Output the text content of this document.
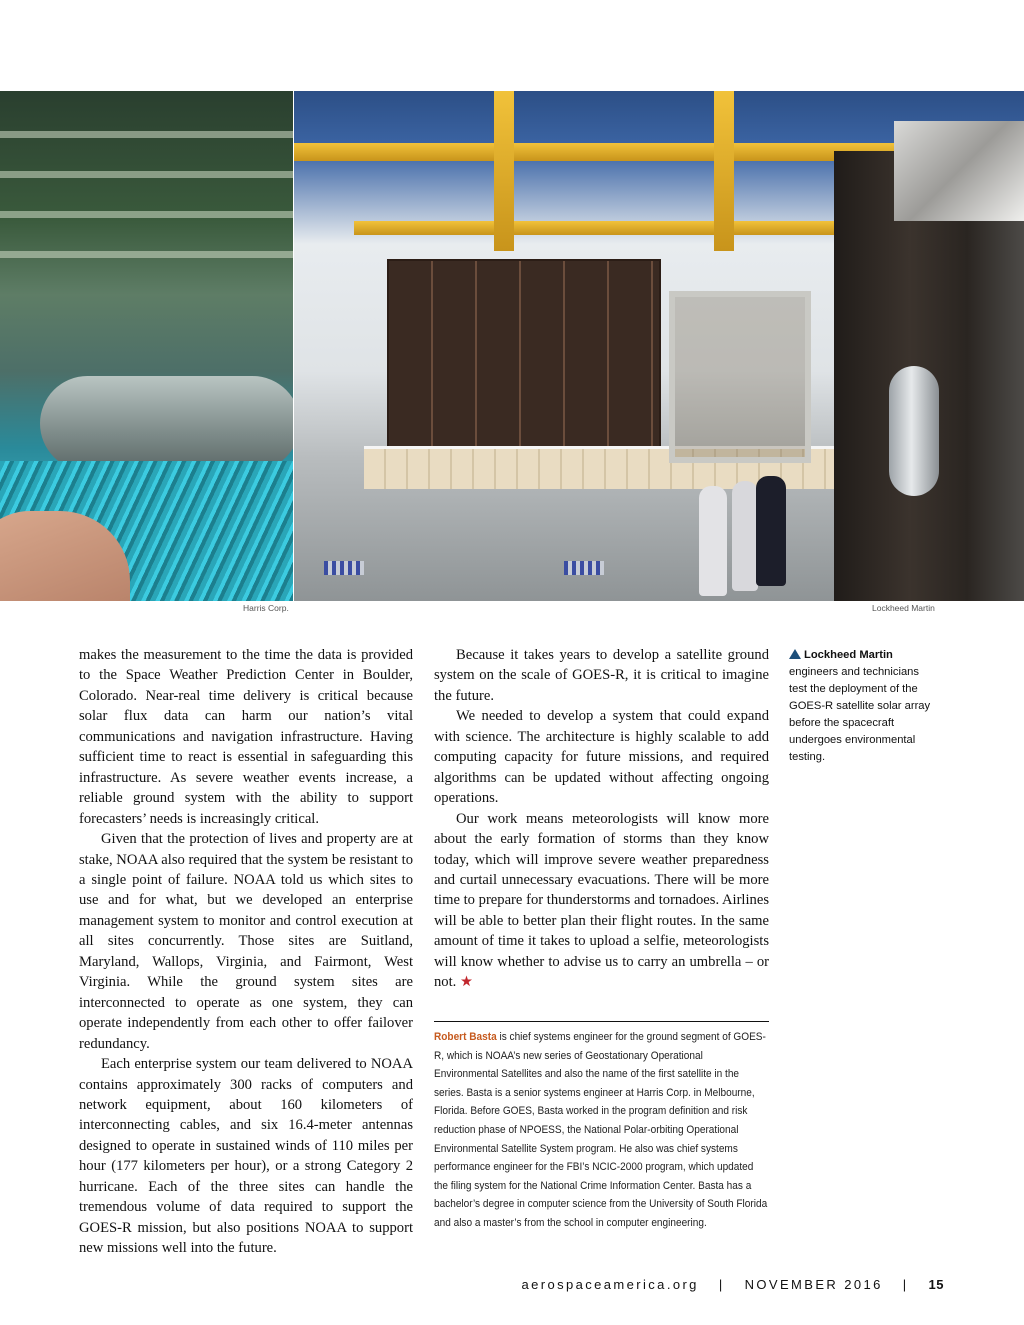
Harris Corp.	Lockheed Martin

makes the measurement to the time the data is provided to the Space Weather Prediction Center in Boulder, Colorado. Near-real time delivery is critical because solar flux data can harm our nation’s vital communications and navigation infrastructure. Having sufficient time to react is essential in safeguarding this infrastructure. As severe weather events increase, a reliable ground system with the ability to support forecasters’ needs is increasingly critical.

Given that the protection of lives and property are at stake, NOAA also required that the system be resistant to a single point of failure. NOAA told us which sites to use and for what, but we developed an enterprise management system to monitor and control execution at all sites concurrently. Those sites are Suitland, Maryland, Wallops, Virginia, and Fairmont, West Virginia. While the ground system sites are interconnected to operate as one system, they can operate independently from each other to offer failover redundancy.

Each enterprise system our team delivered to NOAA contains approximately 300 racks of computers and network equipment, about 160 kilometers of interconnecting cables, and six 16.4-meter antennas designed to operate in sustained winds of 110 miles per hour (177 kilometers per hour), or a strong Category 2 hurricane. Each of the three sites can handle the tremendous volume of data required to support the GOES-R mission, but also positions NOAA to support new missions well into the future.

Because it takes years to develop a satellite ground system on the scale of GOES-R, it is critical to imagine the future.

We needed to develop a system that could expand with science. The architecture is highly scalable to add computing capacity for future missions, and required algorithms can be updated without affecting ongoing operations.

Our work means meteorologists will know more about the early formation of storms than they know today, which will improve severe weather preparedness and curtail unnecessary evacuations. There will be more time to prepare for thunderstorms and tornadoes. Airlines will be able to better plan their flight routes. In the same amount of time it takes to upload a selfie, meteorologists will know whether to advise us to carry an umbrella – or not. ★

Robert Basta is chief systems engineer for the ground segment of GOES-R, which is NOAA’s new series of Geostationary Operational Environmental Satellites and also the name of the first satellite in the series. Basta is a senior systems engineer at Harris Corp. in Melbourne, Florida. Before GOES, Basta worked in the program definition and risk reduction phase of NPOESS, the National Polar-orbiting Operational Environmental Satellite System program. He also was chief systems performance engineer for the FBI’s NCIC-2000 program, which updated the filing system for the National Crime Information Center. Basta has a bachelor’s degree in computer science from the University of South Florida and also a master’s from the school in computer engineering.
Lockheed Martin engineers and technicians test the deployment of the GOES-R satellite solar array before the spacecraft undergoes environmental testing.
aerospaceamerica.org | NOVEMBER 2016 | 15
